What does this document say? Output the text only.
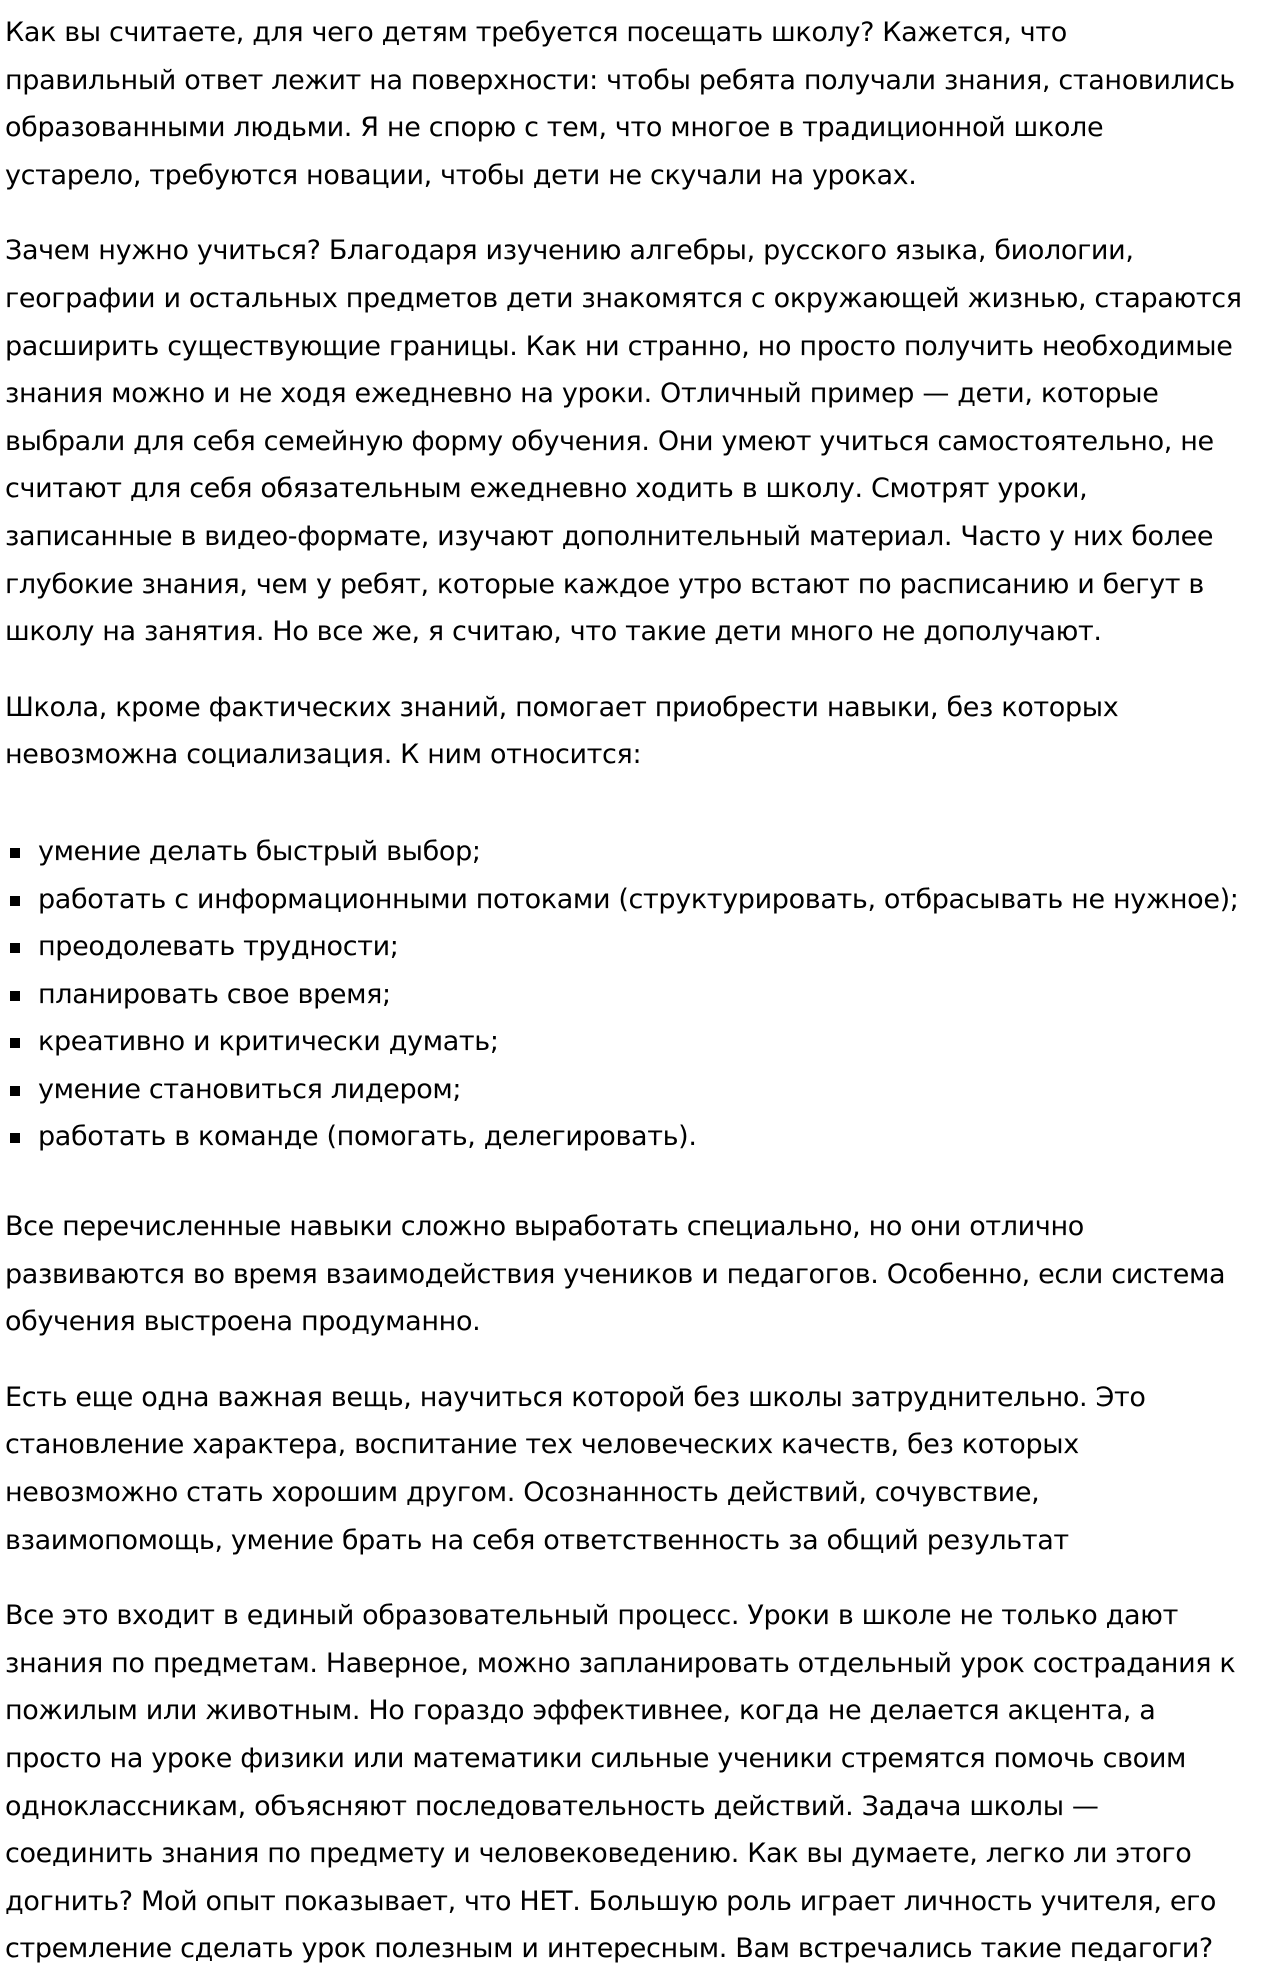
Как вы считаете, для чего детям требуется посещать школу? Кажется, что правильный ответ лежит на поверхности: чтобы ребята получали знания, становились образованными людьми. Я не спорю с тем, что многое в традиционной школе устарело, требуются новации, чтобы дети не скучали на уроках.

Зачем нужно учиться? Благодаря изучению алгебры, русского языка, биологии, географии и остальных предметов дети знакомятся с окружающей жизнью, стараются расширить существующие границы. Как ни странно, но просто получить необходимые знания можно и не ходя ежедневно на уроки. Отличный пример — дети, которые выбрали для себя семейную форму обучения. Они умеют учиться самостоятельно, не считают для себя обязательным ежедневно ходить в школу. Смотрят уроки, записанные в видео-формате, изучают дополнительный материал. Часто у них более глубокие знания, чем у ребят, которые каждое утро встают по расписанию и бегут в школу на занятия. Но все же, я считаю, что такие дети много не дополучают.

Школа, кроме фактических знаний, помогает приобрести навыки, без которых невозможна социализация. К ним относится:

умение делать быстрый выбор;
работать с информационными потоками (структурировать, отбрасывать не нужное);
преодолевать трудности;
планировать свое время;
креативно и критически думать;
умение становиться лидером;
работать в команде (помогать, делегировать).

Все перечисленные навыки сложно выработать специально, но они отлично развиваются во время взаимодействия учеников и педагогов. Особенно, если система обучения выстроена продуманно.

Есть еще одна важная вещь, научиться которой без школы затруднительно. Это становление характера, воспитание тех человеческих качеств, без которых невозможно стать хорошим другом. Осознанность действий, сочувствие, взаимопомощь, умение брать на себя ответственность за общий результат

Все это входит в единый образовательный процесс. Уроки в школе не только дают знания по предметам. Наверное, можно запланировать отдельный урок сострадания к пожилым или животным. Но гораздо эффективнее, когда не делается акцента, а просто на уроке физики или математики сильные ученики стремятся помочь своим одноклассникам, объясняют последовательность действий. Задача школы — соединить знания по предмету и человековедению. Как вы думаете, легко ли этого догнить? Мой опыт показывает, что НЕТ. Большую роль играет личность учителя, его стремление сделать урок полезным и интересным. Вам встречались такие педагоги?
